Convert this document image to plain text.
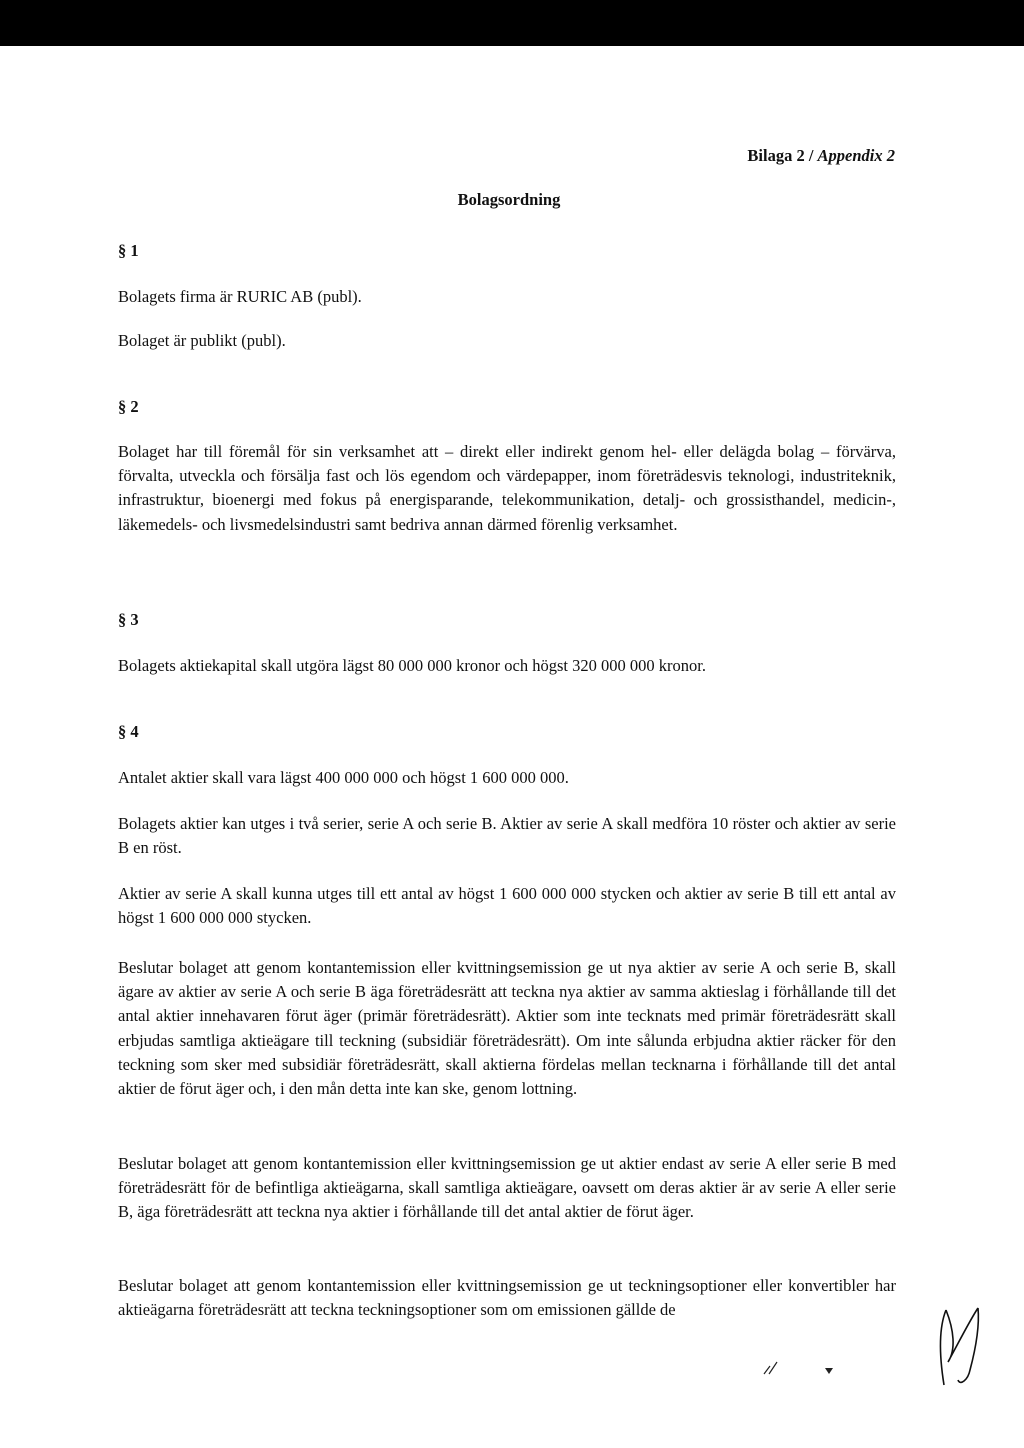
Bilaga 2 / Appendix 2
Bolagsordning
§ 1

Bolagets firma är RURIC AB (publ).

Bolaget är publikt (publ).

§ 2

Bolaget har till föremål för sin verksamhet att – direkt eller indirekt genom hel- eller delägda bolag – förvärva, förvalta, utveckla och försälja fast och lös egendom och värdepapper, inom företrädesvis teknologi, industriteknik, infrastruktur, bioenergi med fokus på energisparande, telekommunikation, detalj- och grossisthandel, medicin-, läkemedels- och livsmedelsindustri samt bedriva annan därmed förenlig verksamhet.

§ 3

Bolagets aktiekapital skall utgöra lägst 80 000 000 kronor och högst 320 000 000 kronor.

§ 4

Antalet aktier skall vara lägst 400 000 000 och högst 1 600 000 000.

Bolagets aktier kan utges i två serier, serie A och serie B. Aktier av serie A skall medföra 10 röster och aktier av serie B en röst.

Aktier av serie A skall kunna utges till ett antal av högst 1 600 000 000 stycken och aktier av serie B till ett antal av högst 1 600 000 000 stycken.

Beslutar bolaget att genom kontantemission eller kvittningsemission ge ut nya aktier av serie A och serie B, skall ägare av aktier av serie A och serie B äga företrädesrätt att teckna nya aktier av samma aktieslag i förhållande till det antal aktier innehavaren förut äger (primär företrädesrätt). Aktier som inte tecknats med primär företrädesrätt skall erbjudas samtliga aktieägare till teckning (subsidiär företrädesrätt). Om inte sålunda erbjudna aktier räcker för den teckning som sker med subsidiär företrädesrätt, skall aktierna fördelas mellan tecknarna i förhållande till det antal aktier de förut äger och, i den mån detta inte kan ske, genom lottning.

Beslutar bolaget att genom kontantemission eller kvittningsemission ge ut aktier endast av serie A eller serie B med företrädesrätt för de befintliga aktieägarna, skall samtliga aktieägare, oavsett om deras aktier är av serie A eller serie B, äga företrädesrätt att teckna nya aktier i förhållande till det antal aktier de förut äger.

Beslutar bolaget att genom kontantemission eller kvittningsemission ge ut teckningsoptioner eller konvertibler har aktieägarna företrädesrätt att teckna teckningsoptioner som om emissionen gällde de
